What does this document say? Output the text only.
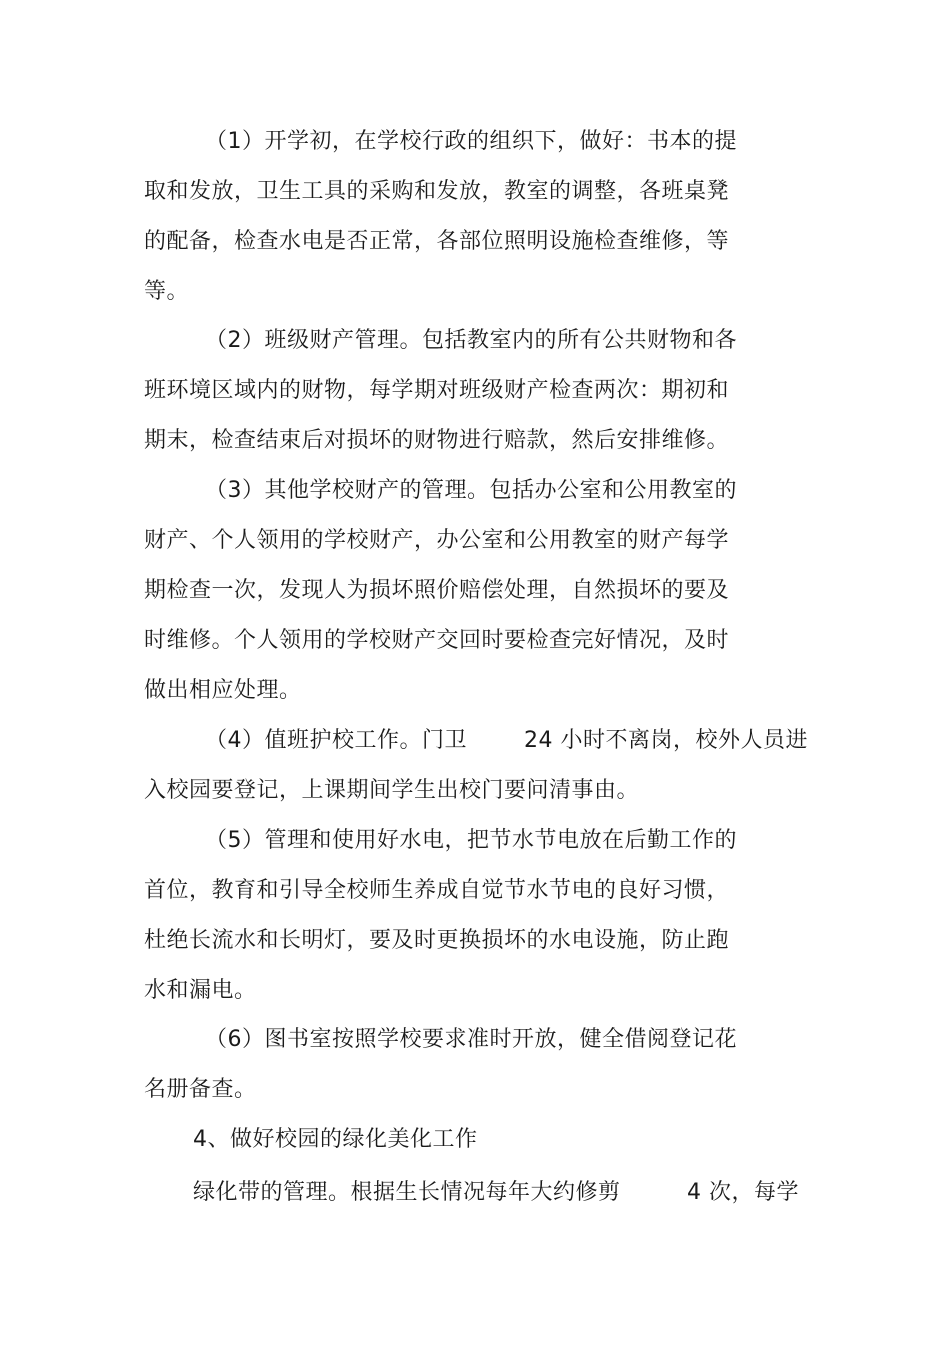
（1）开学初，在学校行政的组织下，做好：书本的提
取和发放，卫生工具的采购和发放，教室的调整，各班桌凳
的配备，检查水电是否正常，各部位照明设施检查维修，等
等。
（2）班级财产管理。包括教室内的所有公共财物和各
班环境区域内的财物，每学期对班级财产检查两次：期初和
期末，检查结束后对损坏的财物进行赔款，然后安排维修。
（3）其他学校财产的管理。包括办公室和公用教室的
财产、个人领用的学校财产，办公室和公用教室的财产每学
期检查一次，发现人为损坏照价赔偿处理，自然损坏的要及
时维修。个人领用的学校财产交回时要检查完好情况，及时
做出相应处理。
（4）值班护校工作。门卫	24 小时不离岗，校外人员进
入校园要登记，上课期间学生出校门要问清事由。
（5）管理和使用好水电，把节水节电放在后勤工作的
首位，教育和引导全校师生养成自觉节水节电的良好习惯，
杜绝长流水和长明灯，要及时更换损坏的水电设施，防止跑
水和漏电。
（6）图书室按照学校要求准时开放，健全借阅登记花
名册备查。
4、做好校园的绿化美化工作
绿化带的管理。根据生长情况每年大约修剪	4 次，每学
